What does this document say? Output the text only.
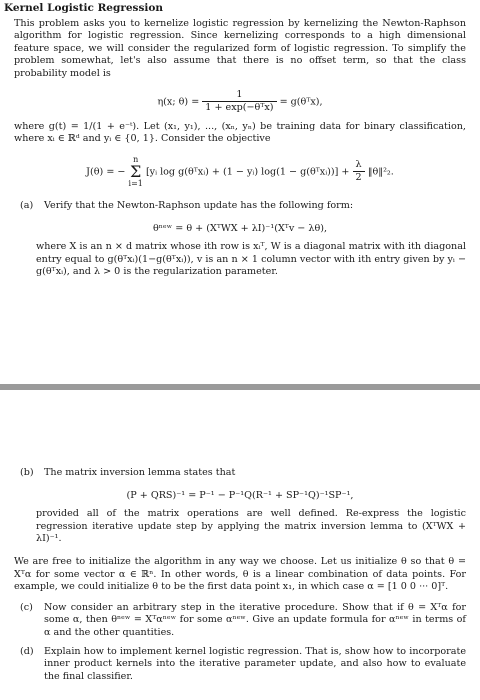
Kernel Logistic Regression

This problem asks you to kernelize logistic regression by kernelizing the Newton-Raphson algorithm for logistic regression. Since kernelizing corresponds to a high dimensional feature space, we will consider the regularized form of logistic regression. To simplify the problem somewhat, let's also assume that there is no offset term, so that the class probability model is

η(x; $\theta) = \frac{1}{\text{1 + exp(−θᵀx)}}$ = g(θᵀx),

where g(t) = 1/(1 + e⁻ᵗ). Let (x₁, y₁), ..., (xₙ, yₙ) be training data for binary classification, where xᵢ ∈ ℝᵈ and yᵢ ∈ {0, 1}. Consider the objective

J(θ) = − n
Σ
i=1 [yᵢ log g(θᵀxᵢ) + (1 − yᵢ) log(1 − g(θᵀxᵢ))] + $\frac{\lambda}{2}$ ‖θ‖²₂.
(a)	Verify that the Newton-Raphson update has the following form:
θⁿᵉʷ = θ + (XᵀWX + λI)⁻¹(Xᵀv − λθ),

where X is an n × d matrix whose ith row is xᵢᵀ, W is a diagonal matrix with ith diagonal entry equal to g(θᵀxᵢ)(1−g(θᵀxᵢ)), v is an n × 1 column vector with ith entry given by yᵢ − g(θᵀxᵢ), and λ > 0 is the regularization parameter.

(b)	The matrix inversion lemma states that
(P + QRS)⁻¹ = P⁻¹ − P⁻¹Q(R⁻¹ + SP⁻¹Q)⁻¹SP⁻¹,

provided all of the matrix operations are well defined. Re-express the logistic regression iterative update step by applying the matrix inversion lemma to (XᵀWX + λI)⁻¹.

We are free to initialize the algorithm in any way we choose. Let us initialize θ so that θ = Xᵀα for some vector α ∈ ℝⁿ. In other words, θ is a linear combination of data points. For example, we could initialize θ to be the first data point x₁, in which case α = [1 0 0 ··· 0]ᵀ.

(c)	Now consider an arbitrary step in the iterative procedure. Show that if θ = Xᵀα for some α, then θⁿᵉʷ = Xᵀαⁿᵉʷ for some αⁿᵉʷ. Give an update formula for αⁿᵉʷ in terms of α and the other quantities.
(d)	Explain how to implement kernel logistic regression. That is, show how to incorporate inner product kernels into the iterative parameter update, and also how to evaluate the final classifier.
